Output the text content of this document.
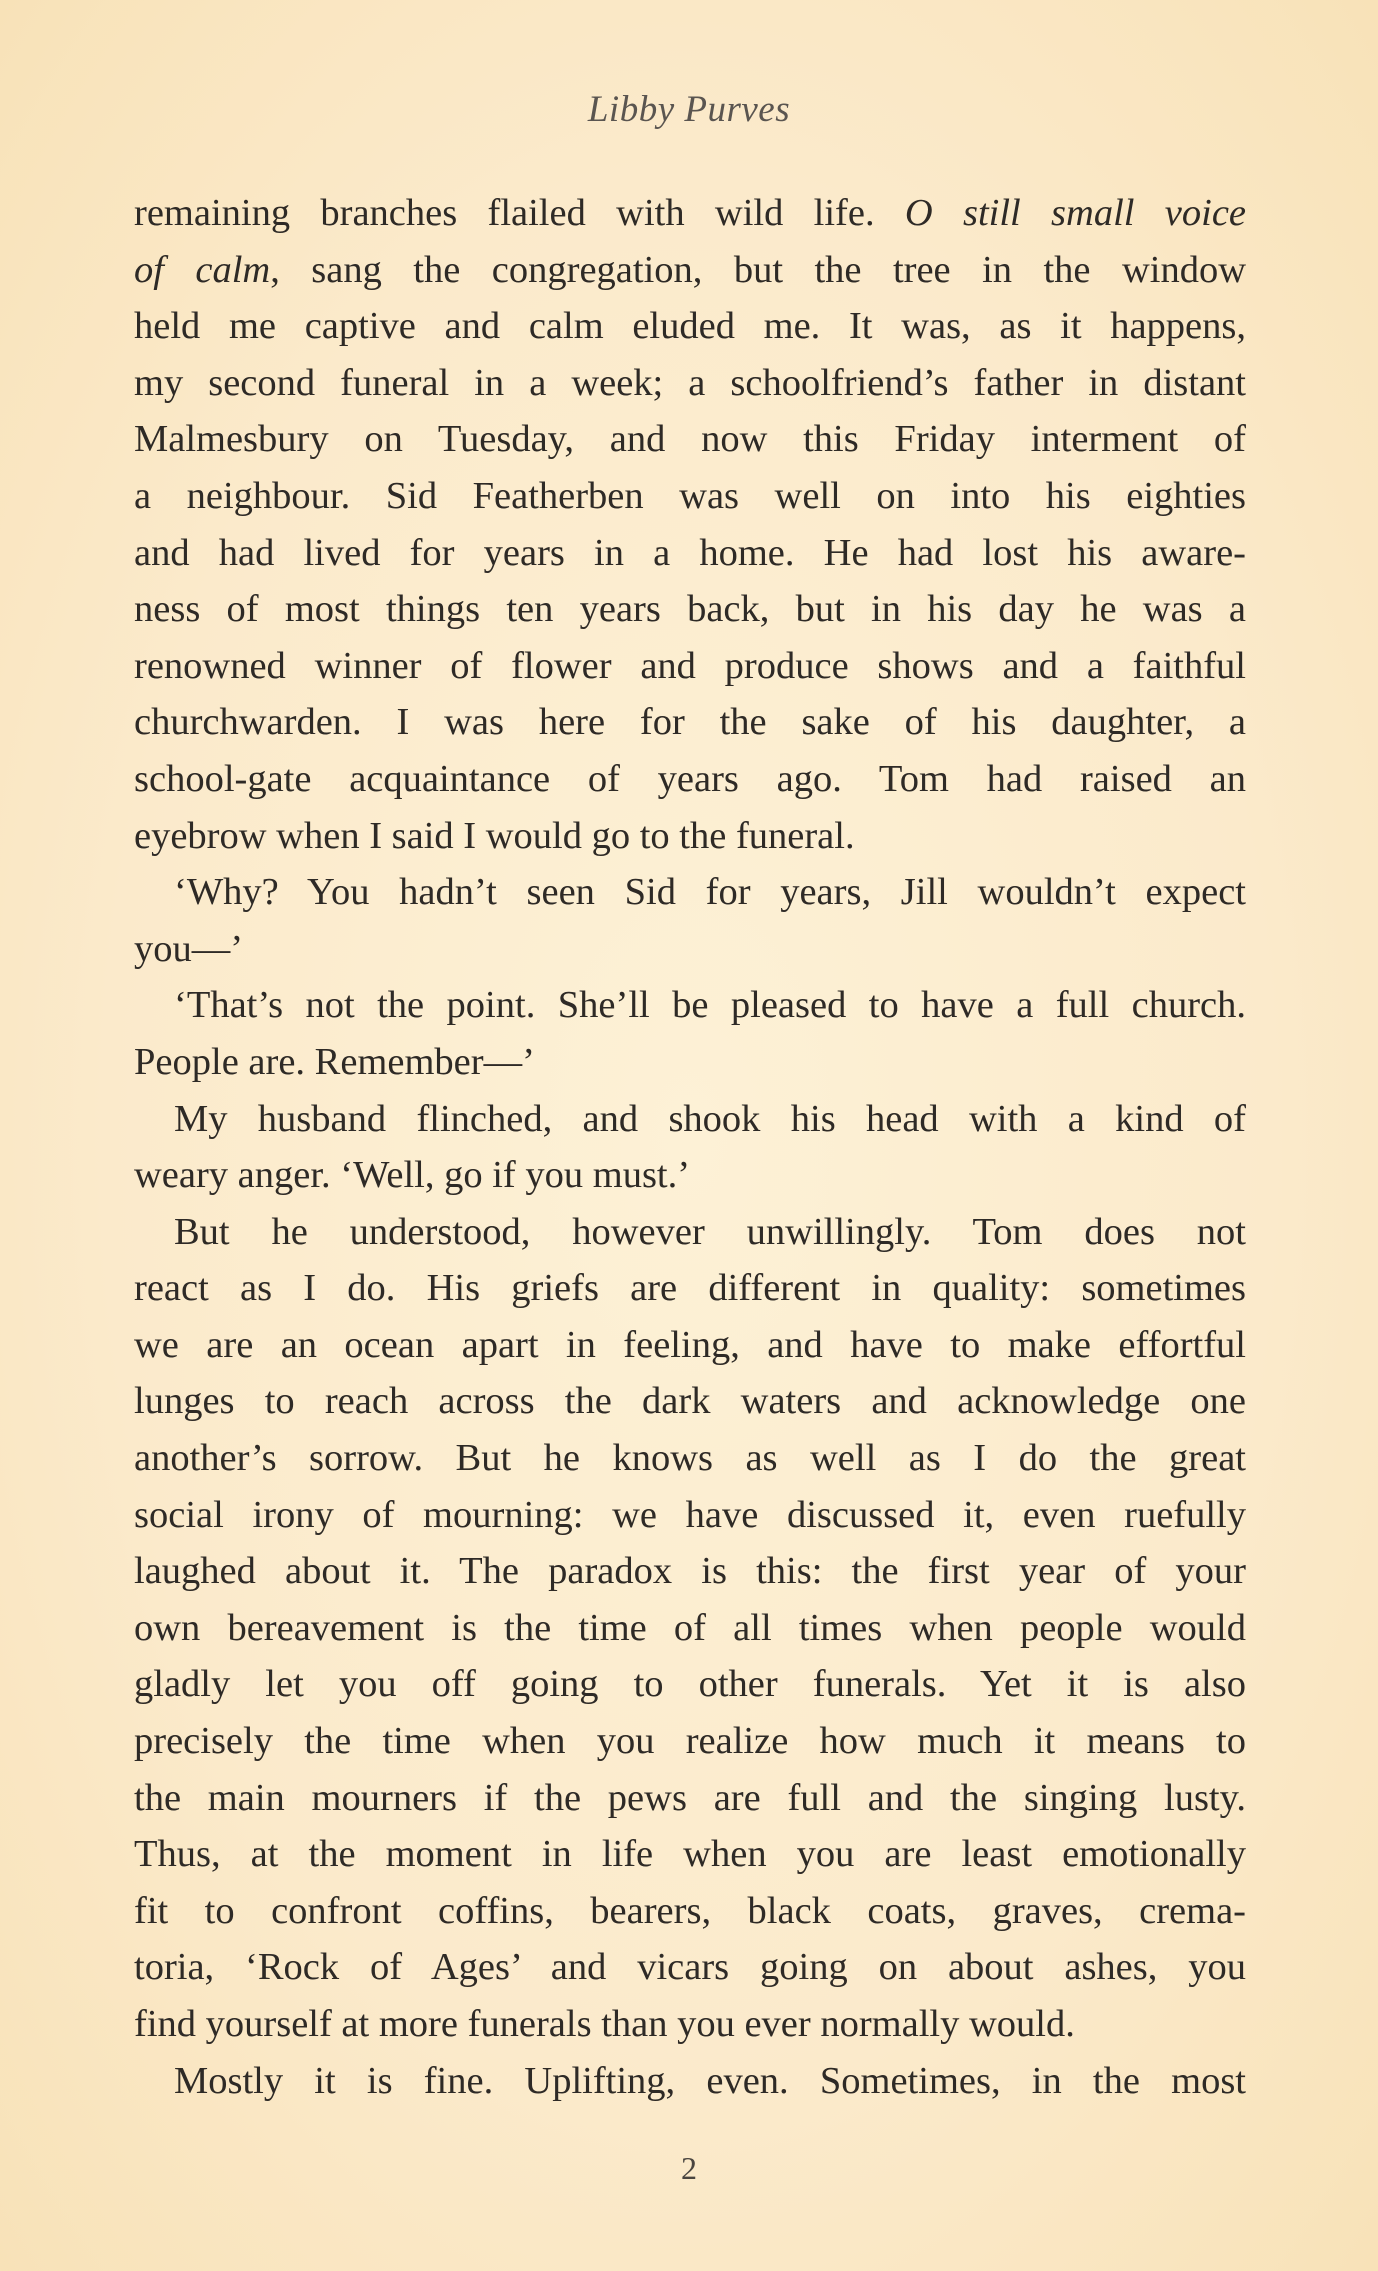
Libby Purves
remaining branches flailed with wild life. O still small voice
of calm, sang the congregation, but the tree in the window
held me captive and calm eluded me. It was, as it happens,
my second funeral in a week; a schoolfriend’s father in distant
Malmesbury on Tuesday, and now this Friday interment of
a neighbour. Sid Featherben was well on into his eighties
and had lived for years in a home. He had lost his aware-
ness of most things ten years back, but in his day he was a
renowned winner of flower and produce shows and a faithful
churchwarden. I was here for the sake of his daughter, a
school-gate acquaintance of years ago. Tom had raised an
eyebrow when I said I would go to the funeral.
‘Why? You hadn’t seen Sid for years, Jill wouldn’t expect
you—’
‘That’s not the point. She’ll be pleased to have a full church.
People are. Remember—’
My husband flinched, and shook his head with a kind of
weary anger. ‘Well, go if you must.’
But he understood, however unwillingly. Tom does not
react as I do. His griefs are different in quality: sometimes
we are an ocean apart in feeling, and have to make effortful
lunges to reach across the dark waters and acknowledge one
another’s sorrow. But he knows as well as I do the great
social irony of mourning: we have discussed it, even ruefully
laughed about it. The paradox is this: the first year of your
own bereavement is the time of all times when people would
gladly let you off going to other funerals. Yet it is also
precisely the time when you realize how much it means to
the main mourners if the pews are full and the singing lusty.
Thus, at the moment in life when you are least emotionally
fit to confront coffins, bearers, black coats, graves, crema-
toria, ‘Rock of Ages’ and vicars going on about ashes, you
find yourself at more funerals than you ever normally would.
Mostly it is fine. Uplifting, even. Sometimes, in the most
2
